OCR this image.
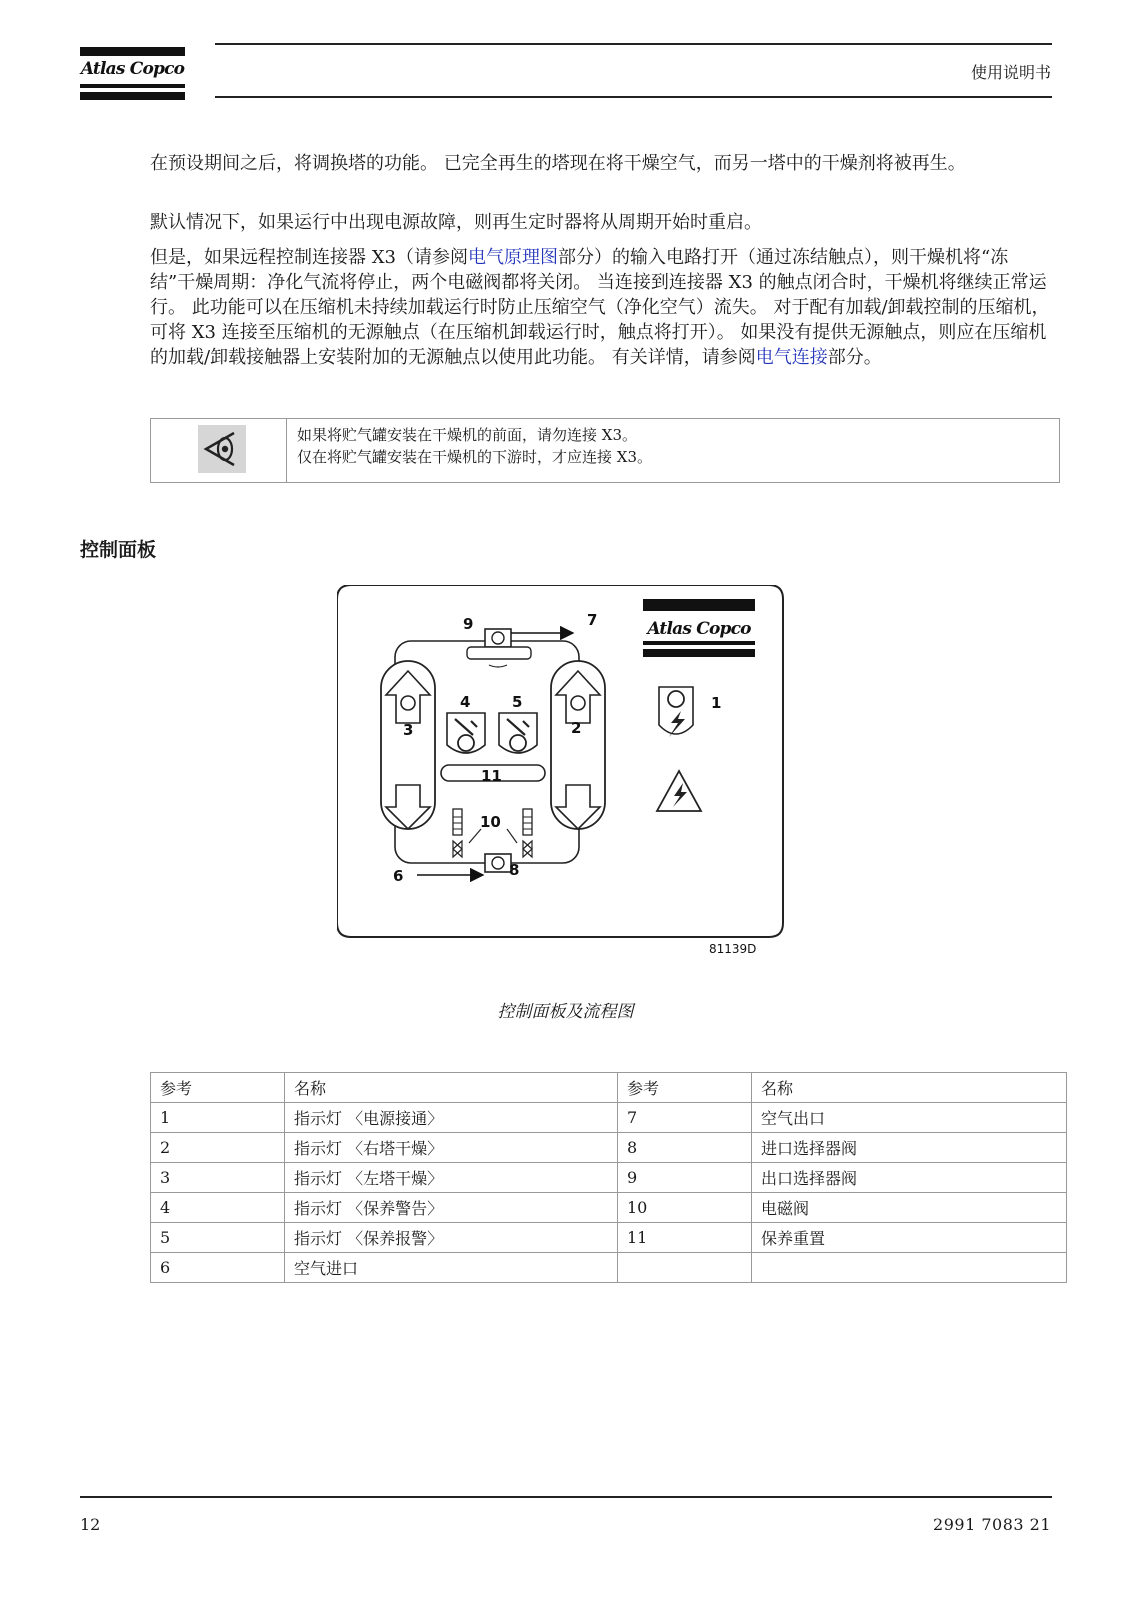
Atlas Copco	使用说明书

在预设期间之后，将调换塔的功能。 已完全再生的塔现在将干燥空气，而另一塔中的干燥剂将被再生。

默认情况下，如果运行中出现电源故障，则再生定时器将从周期开始时重启。

但是，如果远程控制连接器 X3（请参阅电气原理图部分）的输入电路打开（通过冻结触点），则干燥机将“冻结”干燥周期：净化气流将停止，两个电磁阀都将关闭。 当连接到连接器 X3 的触点闭合时，干燥机将继续正常运行。 此功能可以在压缩机未持续加载运行时防止压缩空气（净化空气）流失。 对于配有加载/卸载控制的压缩机，可将 X3 连接至压缩机的无源触点（在压缩机卸载运行时，触点将打开）。 如果没有提供无源触点，则应在压缩机的加载/卸载接触器上安装附加的无源触点以使用此功能。 有关详情，请参阅电气连接部分。

如果将贮气罐安装在干燥机的前面，请勿连接 X3。
仅在将贮气罐安装在干燥机的下游时，才应连接 X3。
控制面板
Atlas Copco
1
2
3
4	5
6
7
8
9
10
11
81139D
控制面板及流程图
参考	名称	参考	名称
1	指示灯 〈电源接通〉	7	空气出口
2	指示灯 〈右塔干燥〉	8	进口选择器阀
3	指示灯 〈左塔干燥〉	9	出口选择器阀
4	指示灯 〈保养警告〉	10	电磁阀
5	指示灯 〈保养报警〉	11	保养重置
6	空气进口		
12	2991 7083 21
